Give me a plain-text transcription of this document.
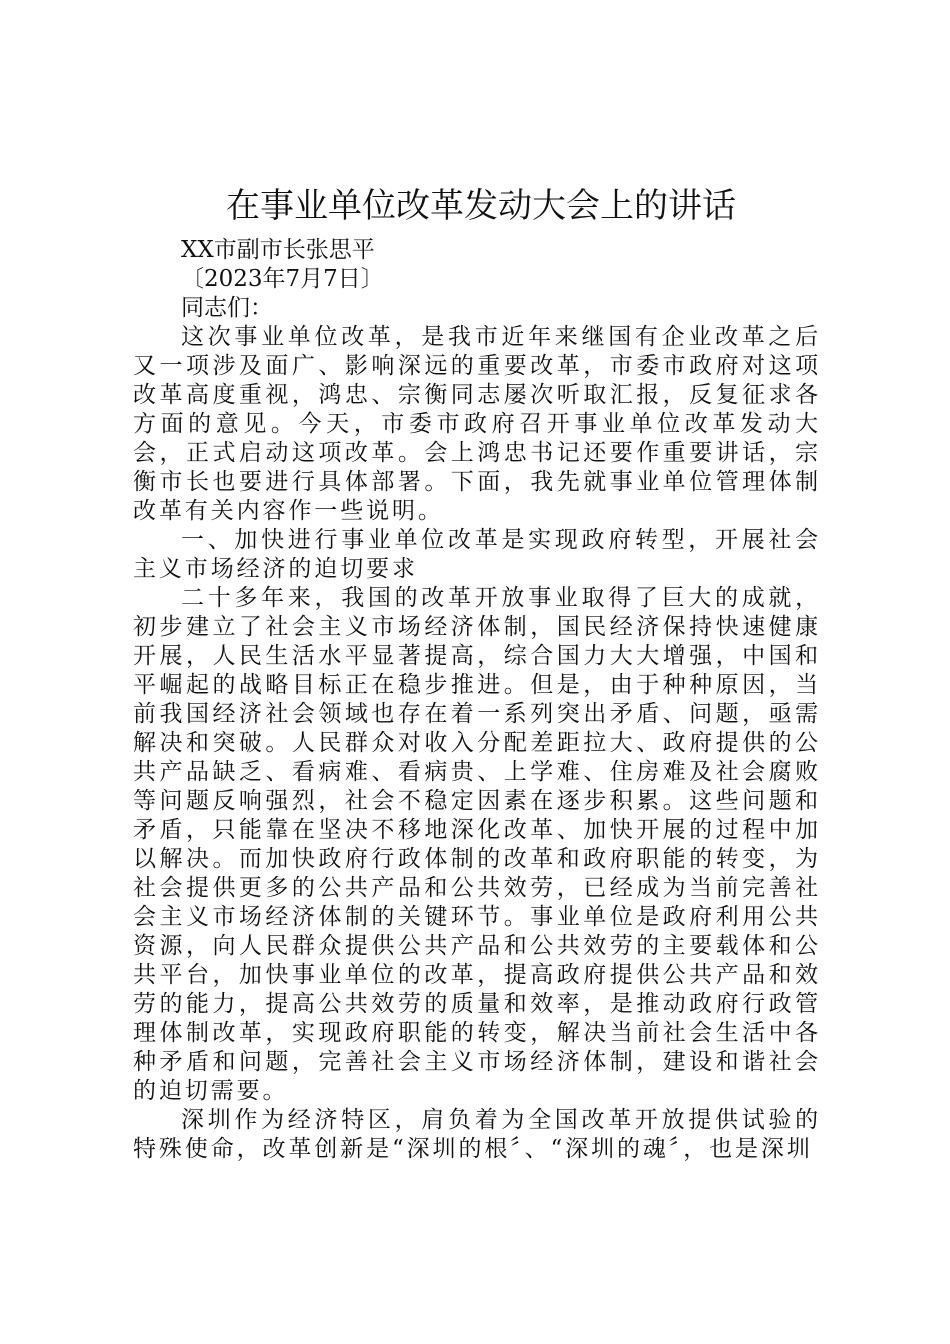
在事业单位改革发动大会上的讲话

XX市副市长张思平

〔2023年7月7日〕

同志们：

这次事业单位改革，是我市近年来继国有企业改革之后又一项涉及面广、影响深远的重要改革，市委市政府对这项改革高度重视，鸿忠、宗衡同志屡次听取汇报，反复征求各方面的意见。今天，市委市政府召开事业单位改革发动大会，正式启动这项改革。会上鸿忠书记还要作重要讲话，宗衡市长也要进行具体部署。下面，我先就事业单位管理体制改革有关内容作一些说明。

一、加快进行事业单位改革是实现政府转型，开展社会主义市场经济的迫切要求

二十多年来，我国的改革开放事业取得了巨大的成就，初步建立了社会主义市场经济体制，国民经济保持快速健康开展，人民生活水平显著提高，综合国力大大增强，中国和平崛起的战略目标正在稳步推进。但是，由于种种原因，当前我国经济社会领域也存在着一系列突出矛盾、问题，亟需解决和突破。人民群众对收入分配差距拉大、政府提供的公共产品缺乏、看病难、看病贵、上学难、住房难及社会腐败等问题反响强烈，社会不稳定因素在逐步积累。这些问题和矛盾，只能靠在坚决不移地深化改革、加快开展的过程中加以解决。而加快政府行政体制的改革和政府职能的转变，为社会提供更多的公共产品和公共效劳，已经成为当前完善社会主义市场经济体制的关键环节。事业单位是政府利用公共资源，向人民群众提供公共产品和公共效劳的主要载体和公共平台，加快事业单位的改革，提高政府提供公共产品和效劳的能力，提高公共效劳的质量和效率，是推动政府行政管理体制改革，实现政府职能的转变，解决当前社会生活中各种矛盾和问题，完善社会主义市场经济体制，建设和谐社会的迫切需要。

深圳作为经济特区，肩负着为全国改革开放提供试验的特殊使命，改革创新是“深圳的根〞、“深圳的魂〞，也是深圳
